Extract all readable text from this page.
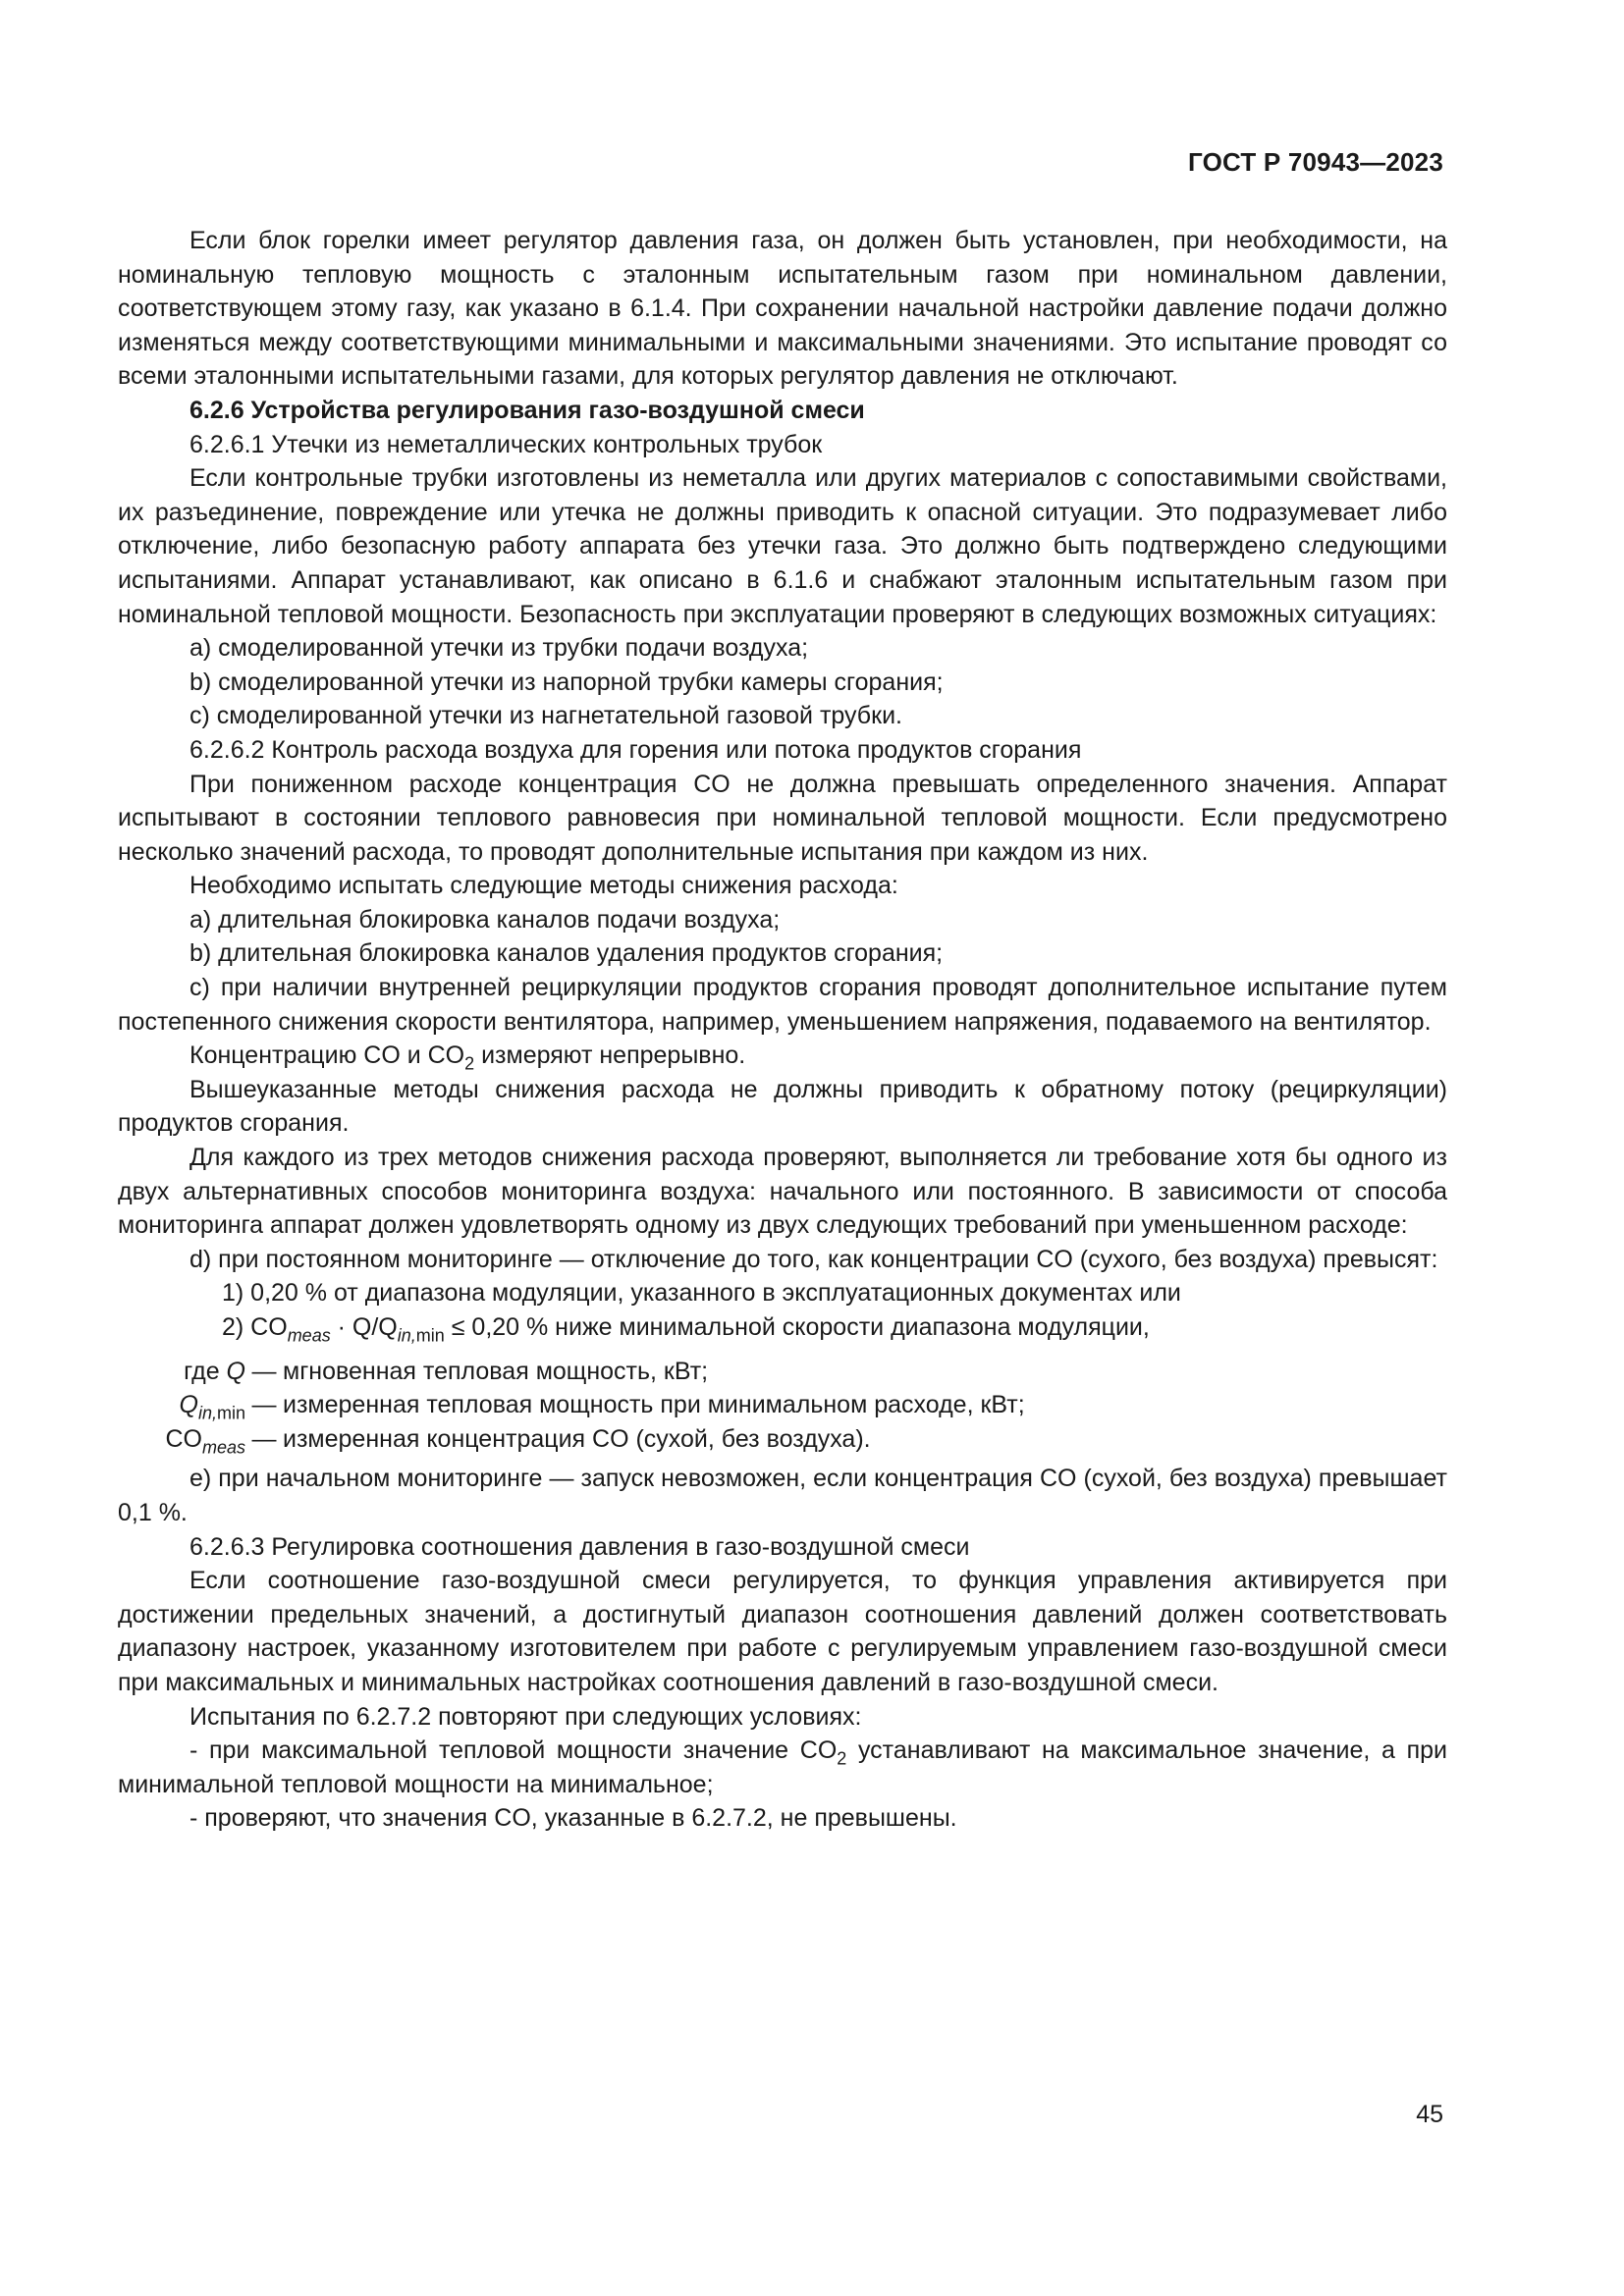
ГОСТ Р 70943—2023

Если блок горелки имеет регулятор давления газа, он должен быть установлен, при необходимости, на номинальную тепловую мощность с эталонным испытательным газом при номинальном давлении, соответствующем этому газу, как указано в 6.1.4. При сохранении начальной настройки давление подачи должно изменяться между соответствующими минимальными и максимальными значениями. Это испытание проводят со всеми эталонными испытательными газами, для которых регулятор давления не отключают.

6.2.6 Устройства регулирования газо-воздушной смеси

6.2.6.1 Утечки из неметаллических контрольных трубок

Если контрольные трубки изготовлены из неметалла или других материалов с сопоставимыми свойствами, их разъединение, повреждение или утечка не должны приводить к опасной ситуации. Это подразумевает либо отключение, либо безопасную работу аппарата без утечки газа. Это должно быть подтверждено следующими испытаниями. Аппарат устанавливают, как описано в 6.1.6 и снабжают эталонным испытательным газом при номинальной тепловой мощности. Безопасность при эксплуатации проверяют в следующих возможных ситуациях:

a) смоделированной утечки из трубки подачи воздуха;

b) смоделированной утечки из напорной трубки камеры сгорания;

c) смоделированной утечки из нагнетательной газовой трубки.

6.2.6.2 Контроль расхода воздуха для горения или потока продуктов сгорания

При пониженном расходе концентрация CO не должна превышать определенного значения. Аппарат испытывают в состоянии теплового равновесия при номинальной тепловой мощности. Если предусмотрено несколько значений расхода, то проводят дополнительные испытания при каждом из них.

Необходимо испытать следующие методы снижения расхода:

a) длительная блокировка каналов подачи воздуха;

b) длительная блокировка каналов удаления продуктов сгорания;

c) при наличии внутренней рециркуляции продуктов сгорания проводят дополнительное испытание путем постепенного снижения скорости вентилятора, например, уменьшением напряжения, подаваемого на вентилятор.

Концентрацию CO и $CO_2$ измеряют непрерывно.

Вышеуказанные методы снижения расхода не должны приводить к обратному потоку (рециркуляции) продуктов сгорания.

Для каждого из трех методов снижения расхода проверяют, выполняется ли требование хотя бы одного из двух альтернативных способов мониторинга воздуха: начального или постоянного. В зависимости от способа мониторинга аппарат должен удовлетворять одному из двух следующих требований при уменьшенном расходе:

d) при постоянном мониторинге — отключение до того, как концентрации CO (сухого, без воздуха) превысят:

1) 0,20 % от диапазона модуляции, указанного в эксплуатационных документах или

2) $CO_{meas} \cdot Q/Q_{in,min} \le 0,20$ % ниже минимальной скорости диапазона модуляции,

где Q — мгновенная тепловая мощность, кВт;

$Q_{in,min}$ — измеренная тепловая мощность при минимальном расходе, кВт;

$CO_{meas}$ — измеренная концентрация CO (сухой, без воздуха).

e) при начальном мониторинге — запуск невозможен, если концентрация CO (сухой, без воздуха) превышает 0,1 %.

6.2.6.3 Регулировка соотношения давления в газо-воздушной смеси

Если соотношение газо-воздушной смеси регулируется, то функция управления активируется при достижении предельных значений, а достигнутый диапазон соотношения давлений должен соответствовать диапазону настроек, указанному изготовителем при работе с регулируемым управлением газо-воздушной смеси при максимальных и минимальных настройках соотношения давлений в газо-воздушной смеси.

Испытания по 6.2.7.2 повторяют при следующих условиях:

- при максимальной тепловой мощности значение $CO_2$ устанавливают на максимальное значение, а при минимальной тепловой мощности на минимальное;

- проверяют, что значения CO, указанные в 6.2.7.2, не превышены.

45
